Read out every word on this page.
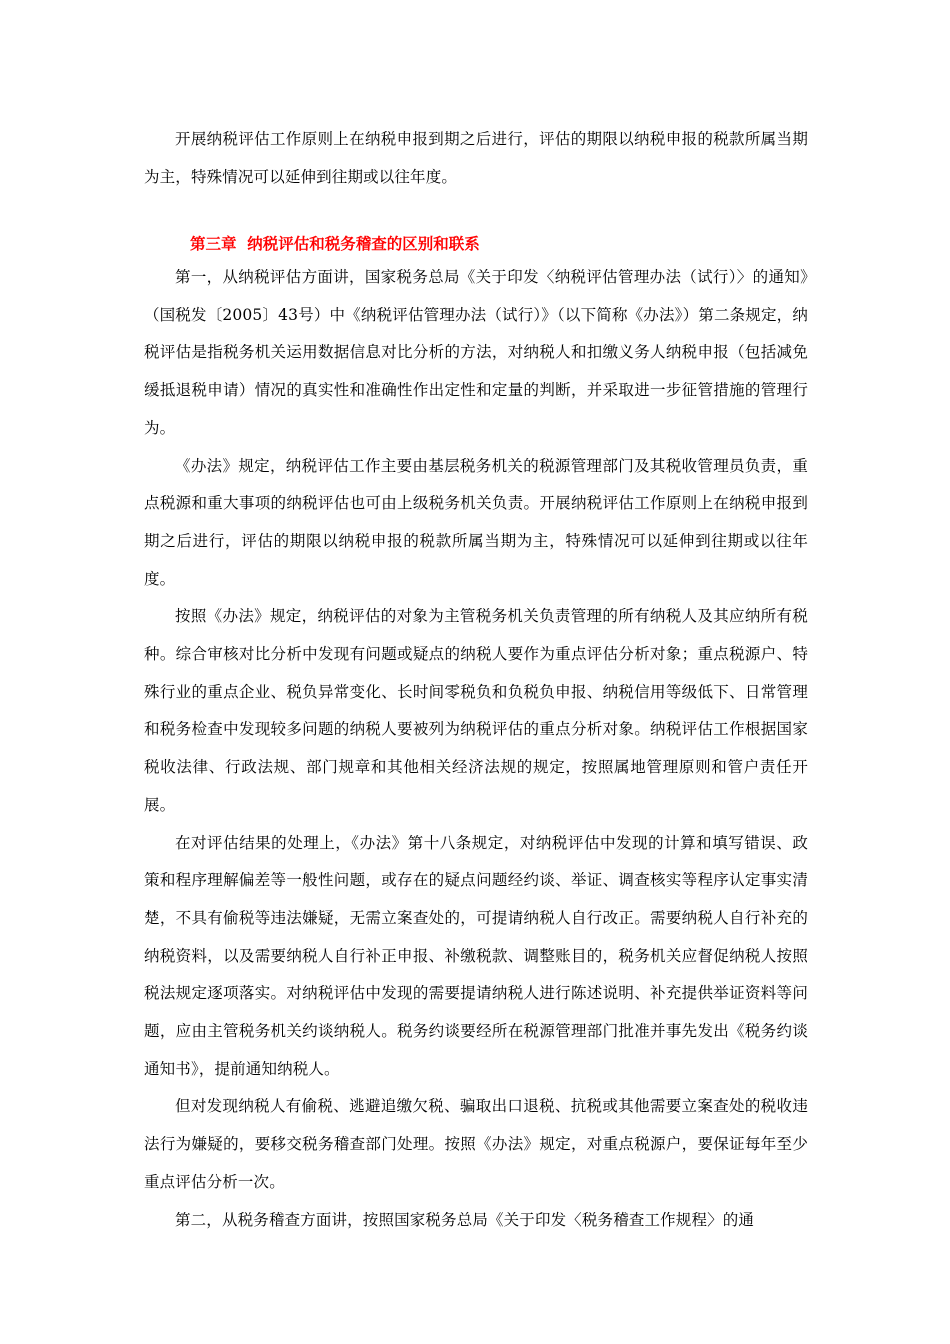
开展纳税评估工作原则上在纳税申报到期之后进行，评估的期限以纳税申报的税款所属当期为主，特殊情况可以延伸到往期或以往年度。

第三章  纳税评估和税务稽查的区别和联系

第一，从纳税评估方面讲，国家税务总局《关于印发〈纳税评估管理办法（试行）〉的通知》（国税发〔2005〕43号）中《纳税评估管理办法（试行）》（以下简称《办法》）第二条规定，纳税评估是指税务机关运用数据信息对比分析的方法，对纳税人和扣缴义务人纳税申报（包括减免缓抵退税申请）情况的真实性和准确性作出定性和定量的判断，并采取进一步征管措施的管理行为。

《办法》规定，纳税评估工作主要由基层税务机关的税源管理部门及其税收管理员负责，重点税源和重大事项的纳税评估也可由上级税务机关负责。开展纳税评估工作原则上在纳税申报到期之后进行，评估的期限以纳税申报的税款所属当期为主，特殊情况可以延伸到往期或以往年度。

按照《办法》规定，纳税评估的对象为主管税务机关负责管理的所有纳税人及其应纳所有税种。综合审核对比分析中发现有问题或疑点的纳税人要作为重点评估分析对象；重点税源户、特殊行业的重点企业、税负异常变化、长时间零税负和负税负申报、纳税信用等级低下、日常管理和税务检查中发现较多问题的纳税人要被列为纳税评估的重点分析对象。纳税评估工作根据国家税收法律、行政法规、部门规章和其他相关经济法规的规定，按照属地管理原则和管户责任开展。

在对评估结果的处理上，《办法》第十八条规定，对纳税评估中发现的计算和填写错误、政策和程序理解偏差等一般性问题，或存在的疑点问题经约谈、举证、调查核实等程序认定事实清楚，不具有偷税等违法嫌疑，无需立案查处的，可提请纳税人自行改正。需要纳税人自行补充的纳税资料，以及需要纳税人自行补正申报、补缴税款、调整账目的，税务机关应督促纳税人按照税法规定逐项落实。对纳税评估中发现的需要提请纳税人进行陈述说明、补充提供举证资料等问题，应由主管税务机关约谈纳税人。税务约谈要经所在税源管理部门批准并事先发出《税务约谈通知书》，提前通知纳税人。

但对发现纳税人有偷税、逃避追缴欠税、骗取出口退税、抗税或其他需要立案查处的税收违法行为嫌疑的，要移交税务稽查部门处理。按照《办法》规定，对重点税源户，要保证每年至少重点评估分析一次。

第二，从税务稽查方面讲，按照国家税务总局《关于印发〈税务稽查工作规程〉的通
